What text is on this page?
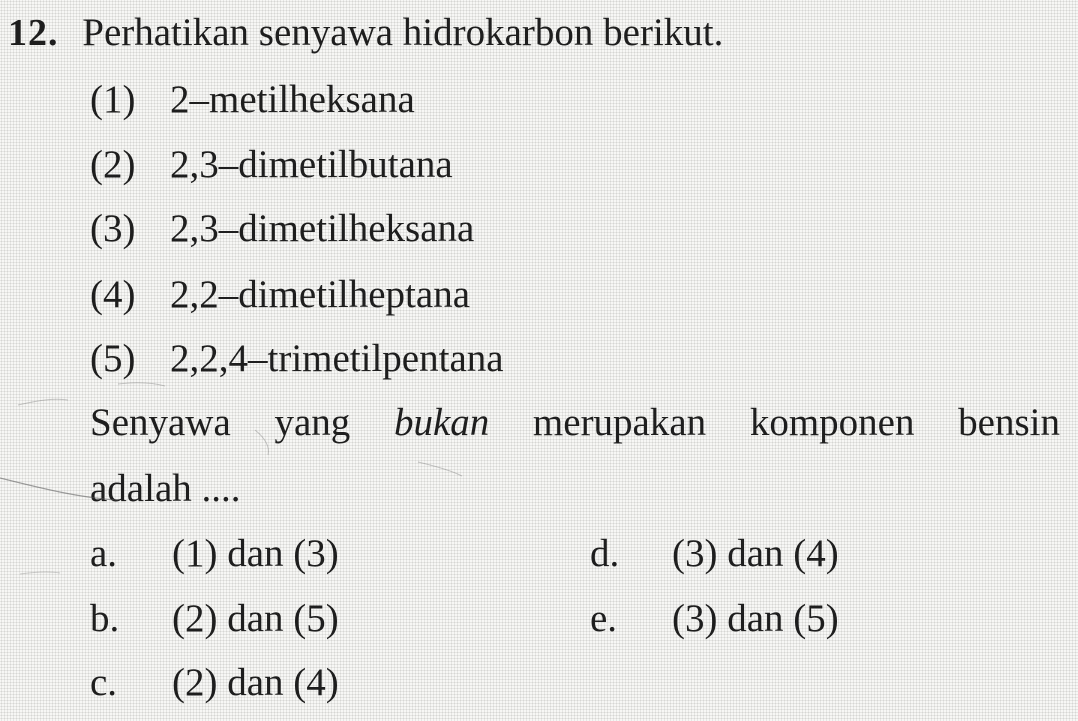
12. Perhatikan senyawa hidrokarbon berikut.
(1) 2–metilheksana
(2) 2,3–dimetilbutana
(3) 2,3–dimetilheksana
(4) 2,2–dimetilheptana
(5) 2,2,4–trimetilpentana
Senyawa yang bukan merupakan komponen bensin
adalah ....
a. (1) dan (3)
b. (2) dan (5)
c. (2) dan (4)
d. (3) dan (4)
e. (3) dan (5)
